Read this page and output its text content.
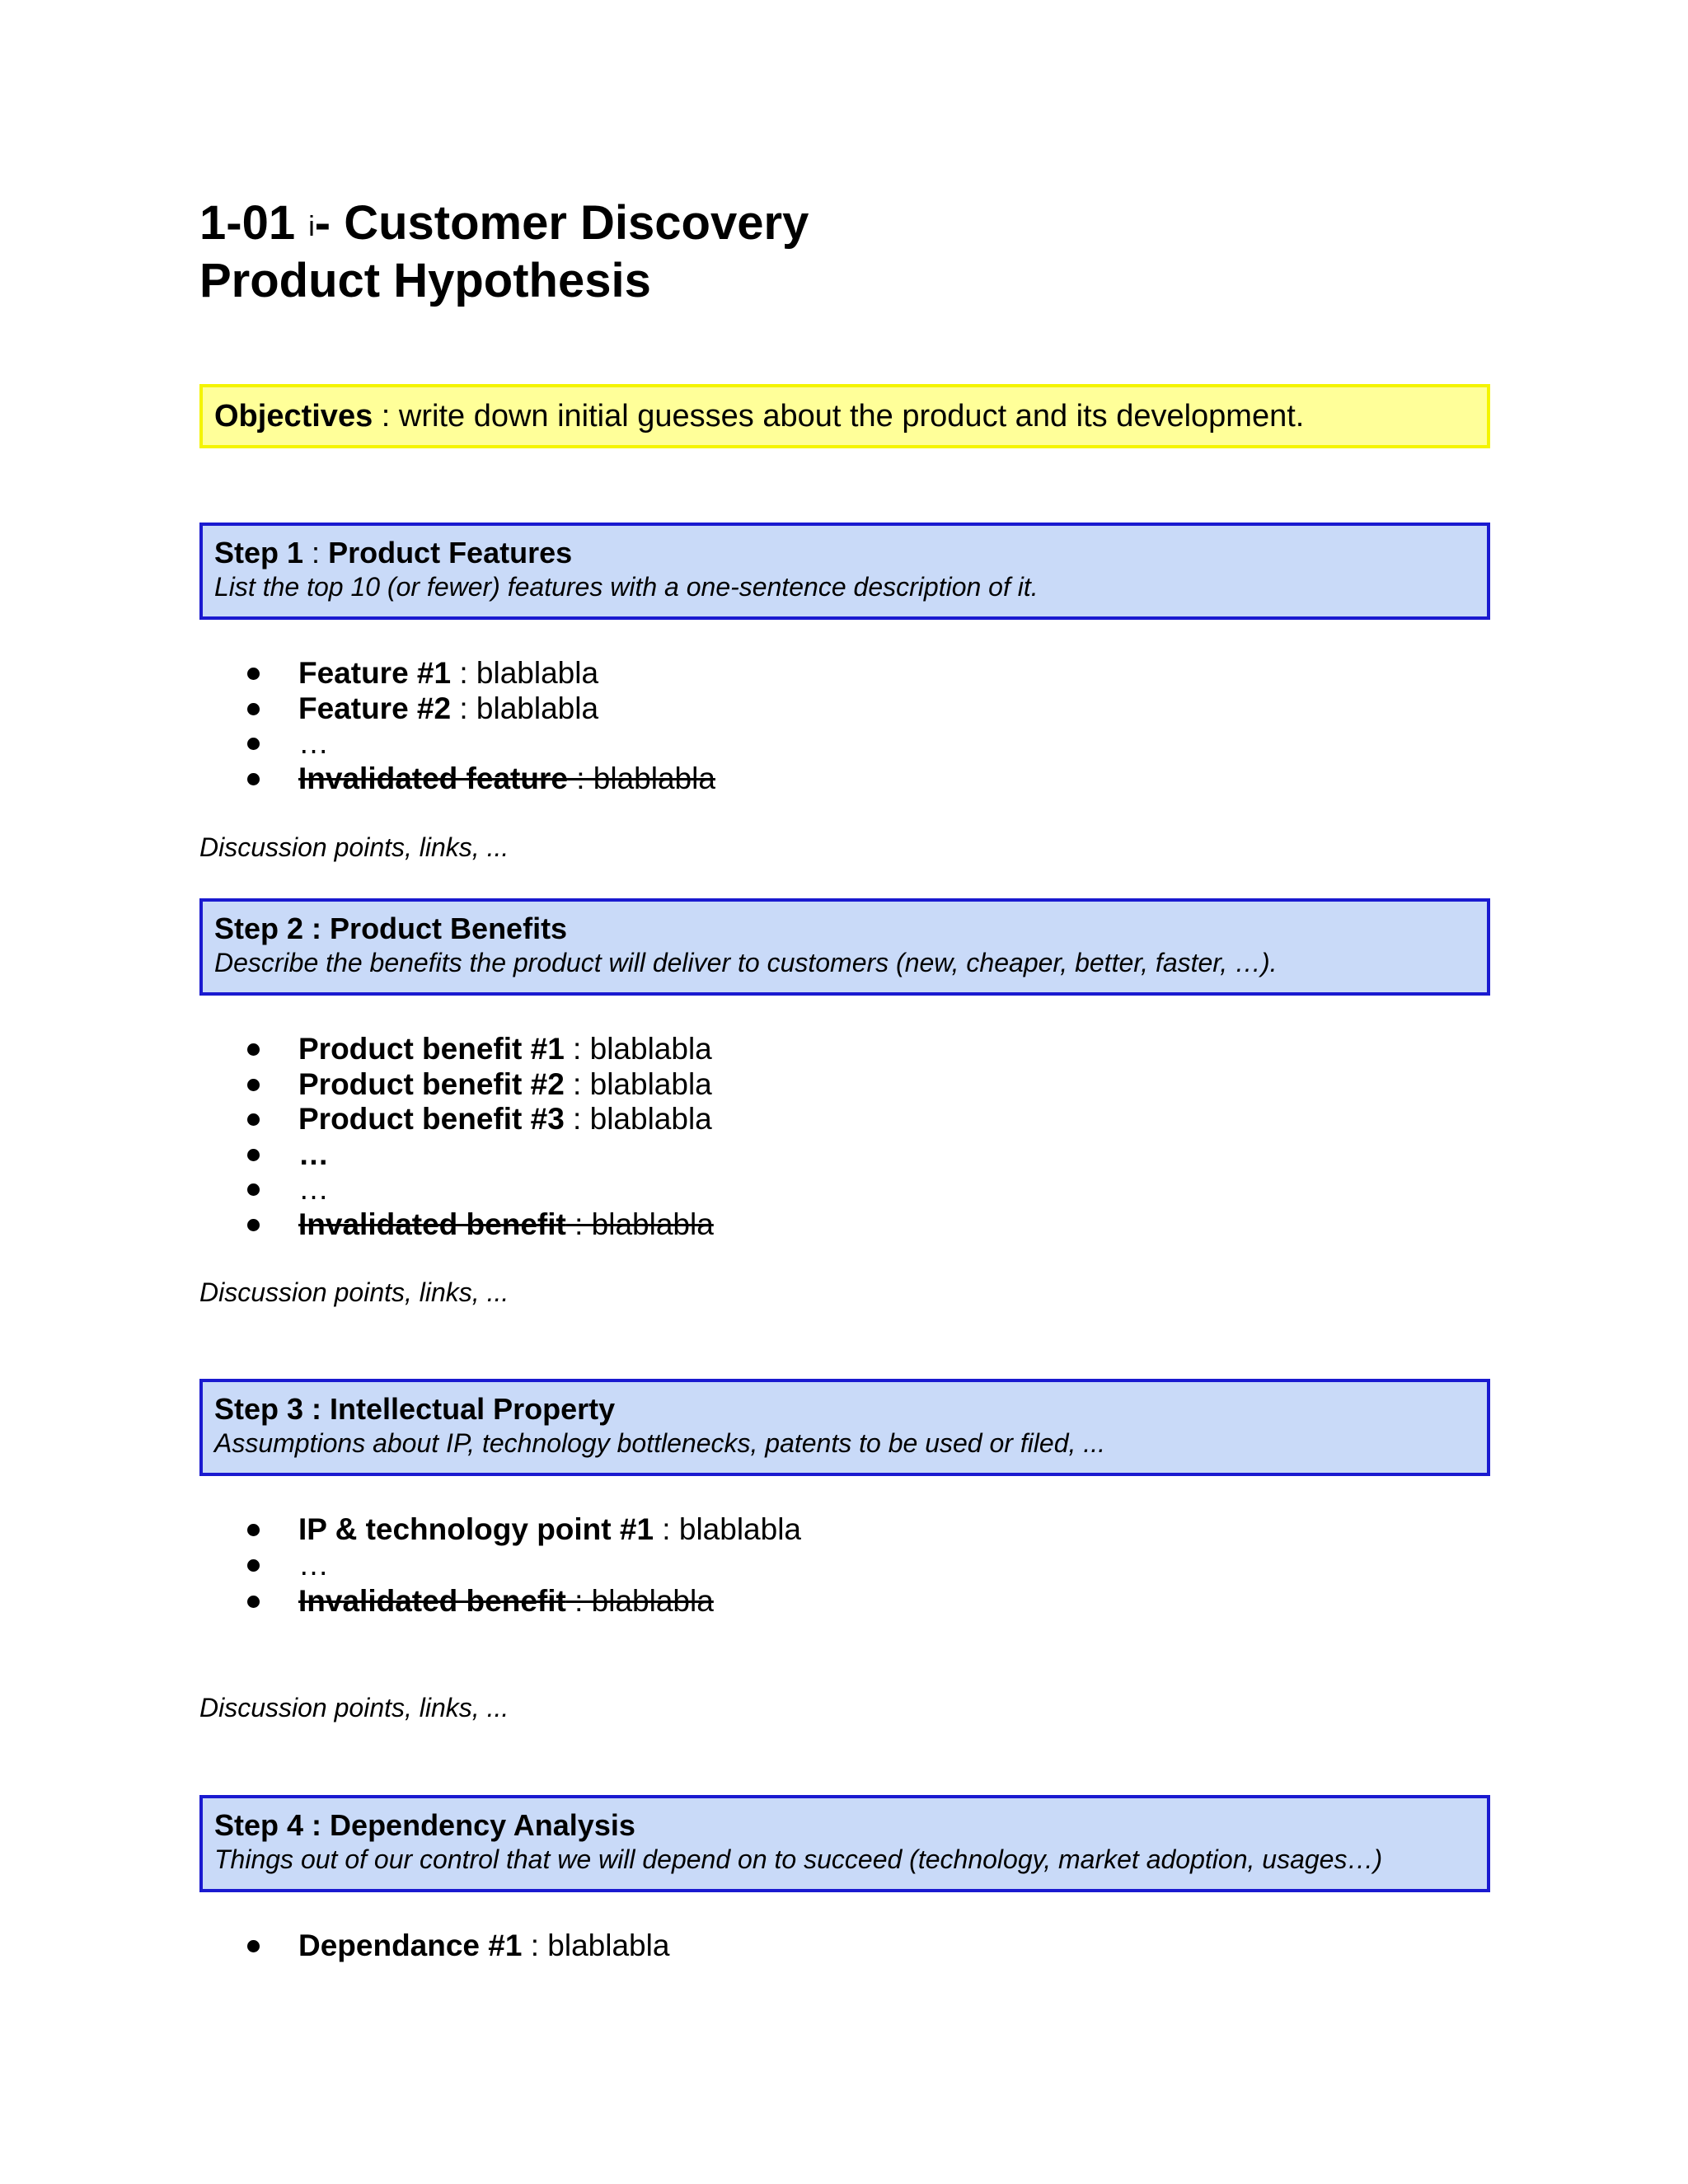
1-01 $^i$- Customer Discovery
Product Hypothesis
Objectives : write down initial guesses about the product and its development.
Step 1 : Product Features
List the top 10 (or fewer) features with a one-sentence description of it.
Feature #1 : blablabla
Feature #2 : blablabla
…
Invalidated feature : blablabla
Discussion points, links, ...
Step 2 : Product Benefits
Describe the benefits the product will deliver to customers (new, cheaper, better, faster, …).
Product benefit #1 : blablabla
Product benefit #2 : blablabla
Product benefit #3 : blablabla
…
…
Invalidated benefit : blablabla
Discussion points, links, ...
Step 3 : Intellectual Property
Assumptions about IP, technology bottlenecks, patents to be used or filed, ...
IP & technology point #1 : blablabla
…
Invalidated benefit : blablabla
Discussion points, links, ...
Step 4 : Dependency Analysis
Things out of our control that we will depend on to succeed (technology, market adoption, usages…)
Dependance #1 : blablabla
